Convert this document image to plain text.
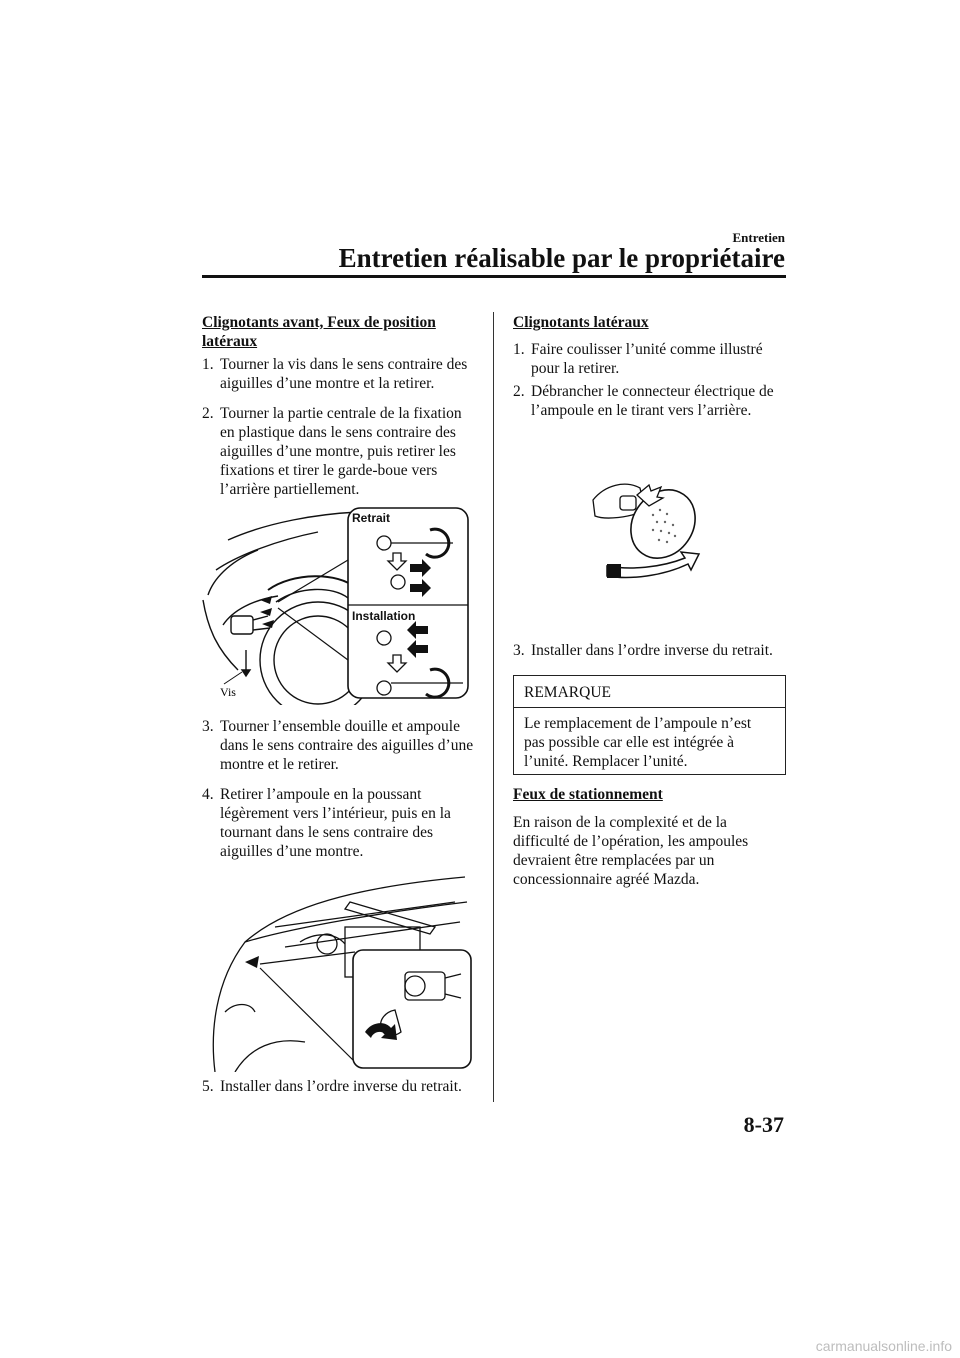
Entretien
Entretien réalisable par le propriétaire
Clignotants avant, Feux de position latéraux
1. Tourner la vis dans le sens contraire des aiguilles d’une montre et la retirer.
2. Tourner la partie centrale de la fixation en plastique dans le sens contraire des aiguilles d’une montre, puis retirer les fixations et tirer le garde-boue vers l’arrière partiellement.
Retrait
Installation
Vis
3. Tourner l’ensemble douille et ampoule dans le sens contraire des aiguilles d’une montre et le retirer.
4. Retirer l’ampoule en la poussant légèrement vers l’intérieur, puis en la tournant dans le sens contraire des aiguilles d’une montre.
5. Installer dans l’ordre inverse du retrait.
Clignotants latéraux
1. Faire coulisser l’unité comme illustré pour la retirer.
2. Débrancher le connecteur électrique de l’ampoule en le tirant vers l’arrière.
3. Installer dans l’ordre inverse du retrait.
REMARQUE
Le remplacement de l’ampoule n’est pas possible car elle est intégrée à l’unité. Remplacer l’unité.
Feux de stationnement
En raison de la complexité et de la difficulté de l’opération, les ampoules devraient être remplacées par un concessionnaire agréé Mazda.
8-37
carmanualsonline.info
